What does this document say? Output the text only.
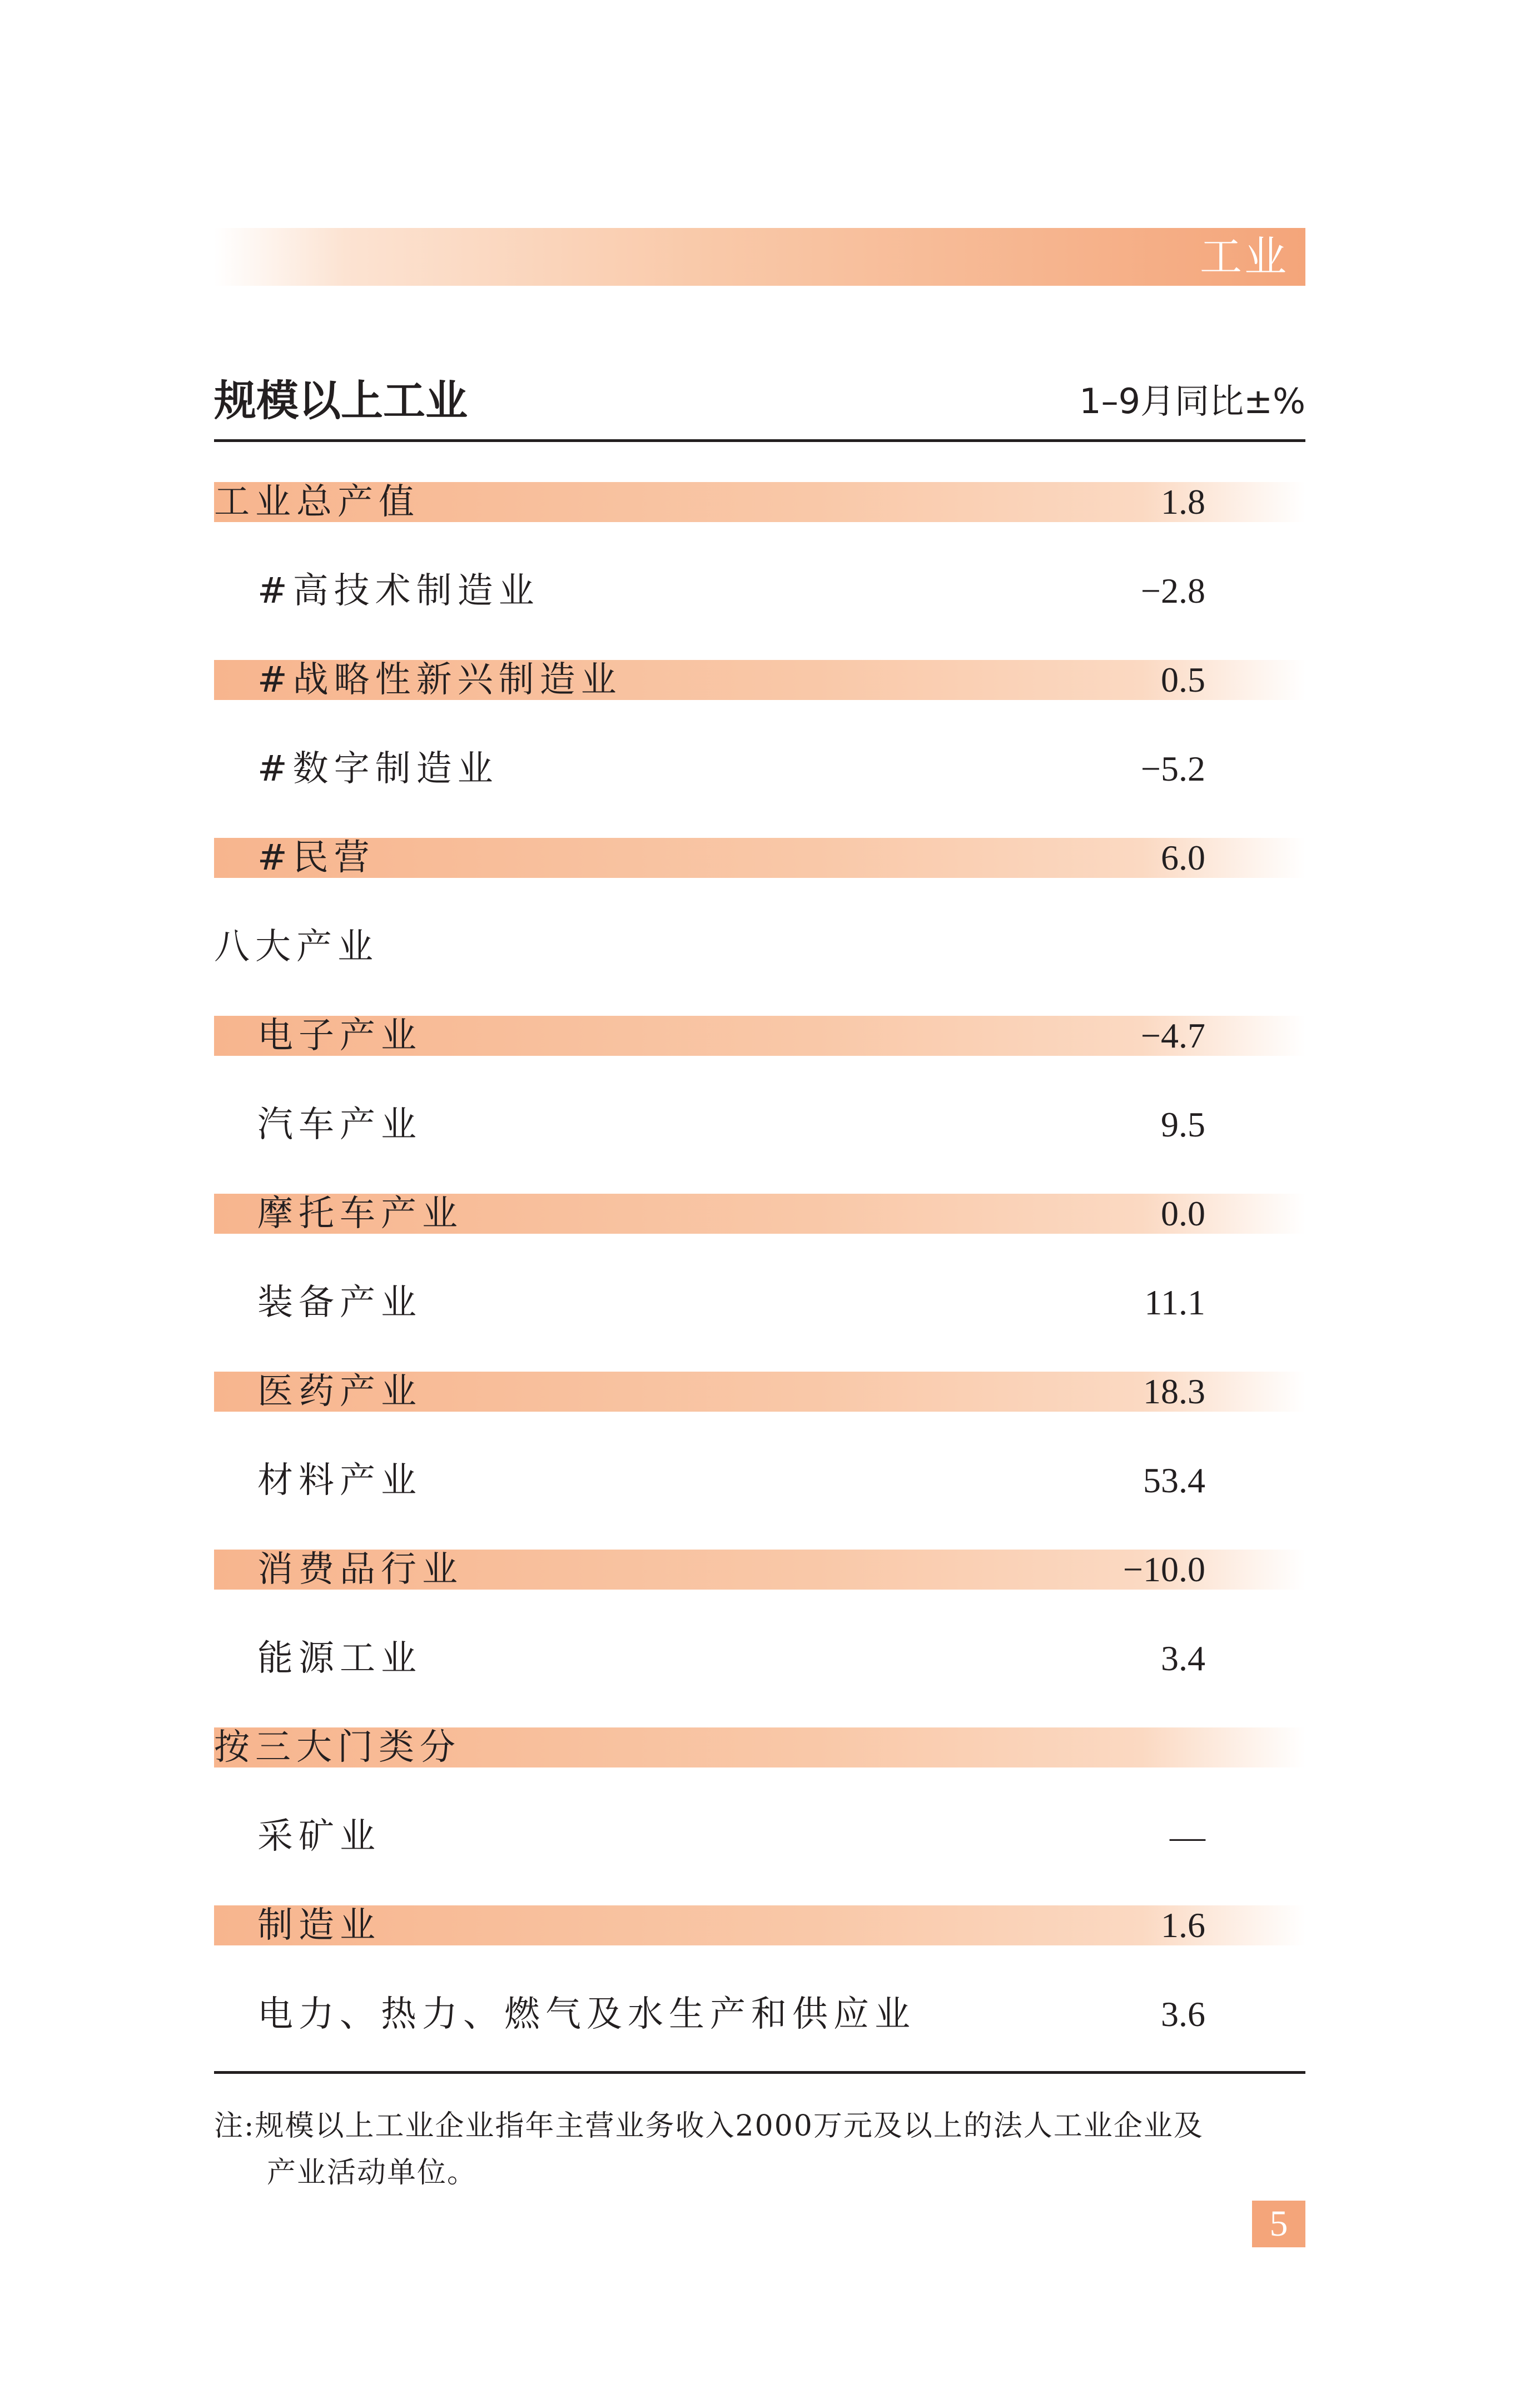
工业
规模以上工业	1–9月同比±%
工业总产值	1.8
#高技术制造业	−2.8
#战略性新兴制造业	0.5
#数字制造业	−5.2
#民营	6.0
八大产业
电子产业	−4.7
汽车产业	9.5
摩托车产业	0.0
装备产业	11.1
医药产业	18.3
材料产业	53.4
消费品行业	−10.0
能源工业	3.4
按三大门类分
采矿业	—
制造业	1.6
电力、热力、燃气及水生产和供应业	3.6
注:规模以上工业企业指年主营业务收入2000万元及以上的法人工业企业及
产业活动单位。
5
